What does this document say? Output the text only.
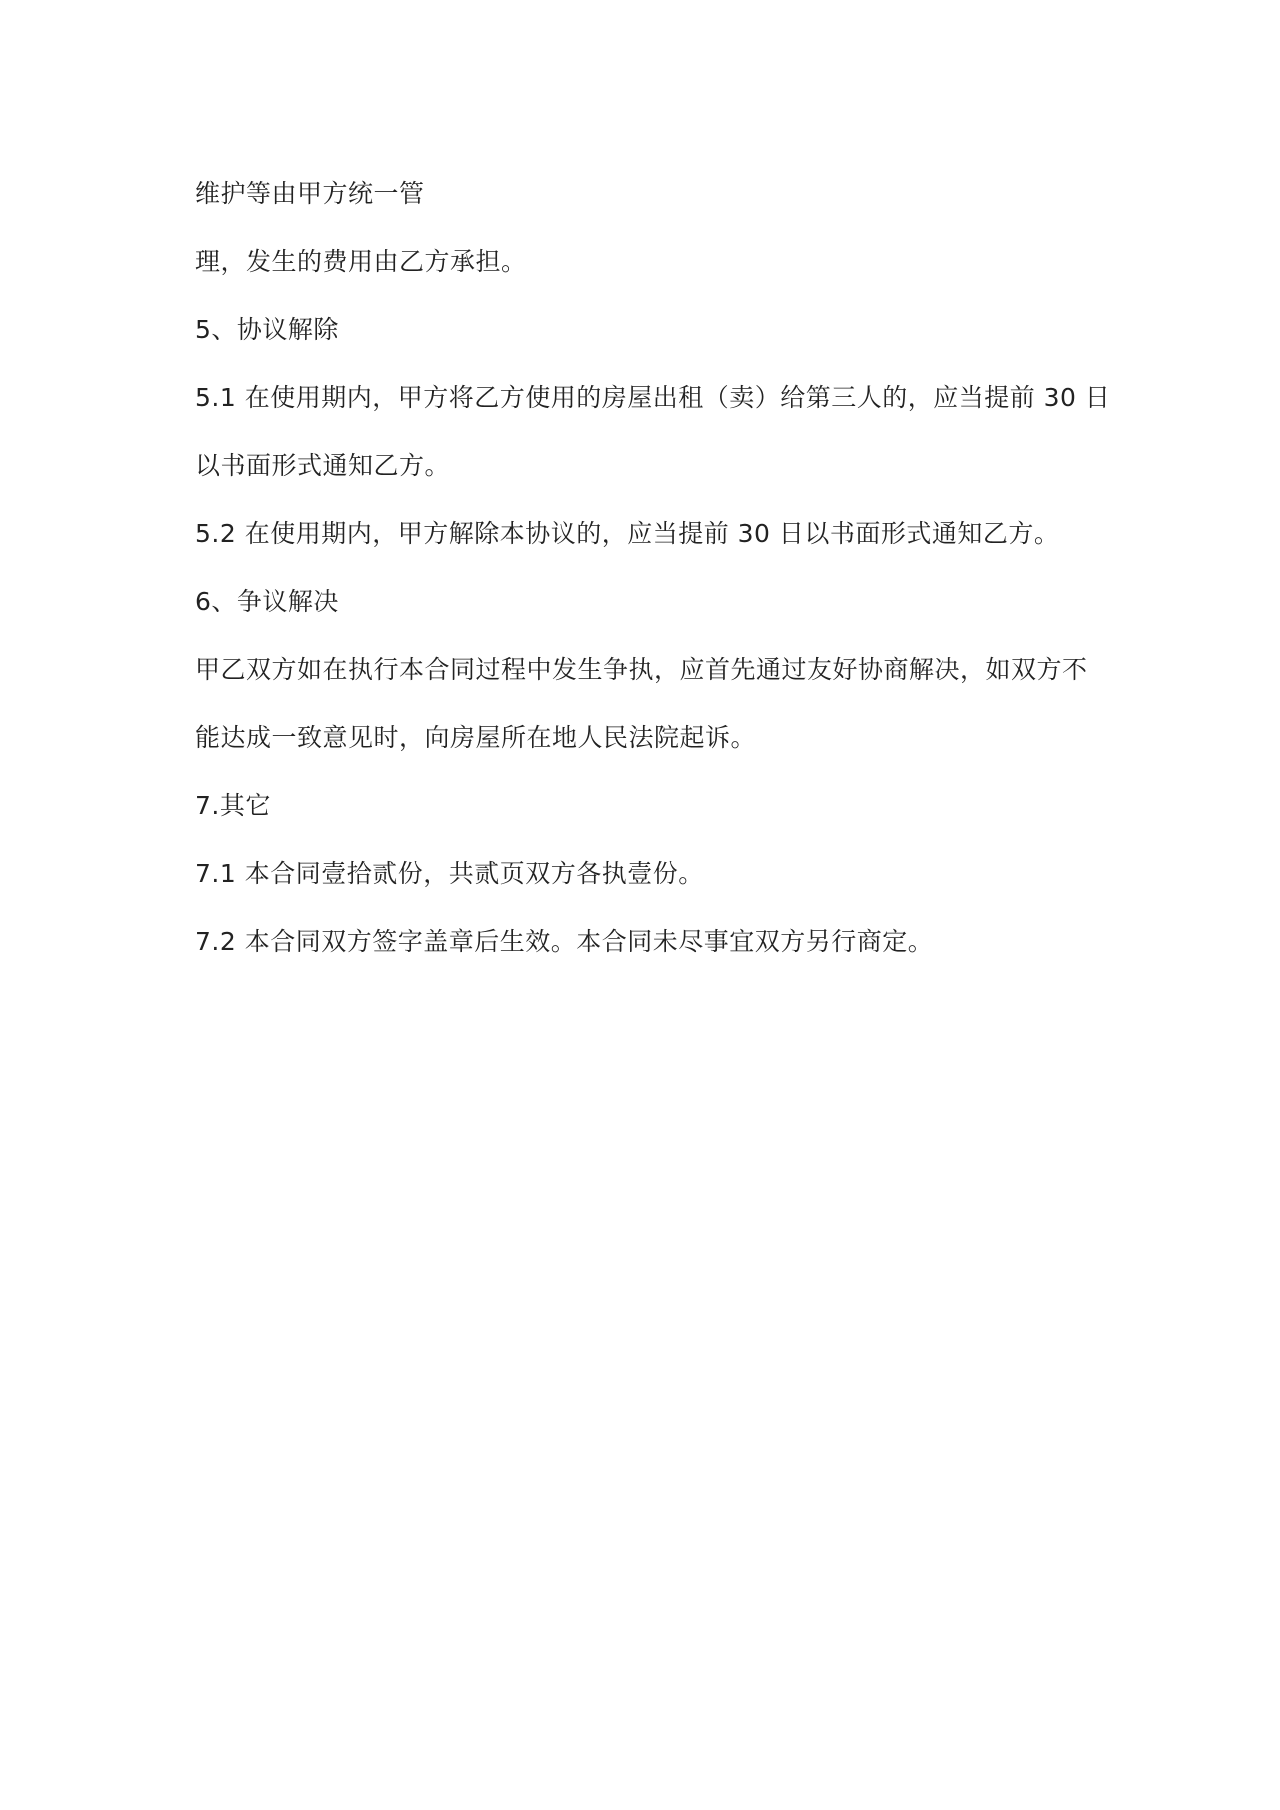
维护等由甲方统一管
理，发生的费用由乙方承担。
5、协议解除
5.1 在使用期内，甲方将乙方使用的房屋出租（卖）给第三人的，应当提前 30 日
以书面形式通知乙方。
5.2 在使用期内，甲方解除本协议的，应当提前 30 日以书面形式通知乙方。
6、争议解决
甲乙双方如在执行本合同过程中发生争执，应首先通过友好协商解决，如双方不
能达成一致意见时，向房屋所在地人民法院起诉。
7.其它
7.1 本合同壹拾贰份，共贰页双方各执壹份。
7.2 本合同双方签字盖章后生效。本合同未尽事宜双方另行商定。
